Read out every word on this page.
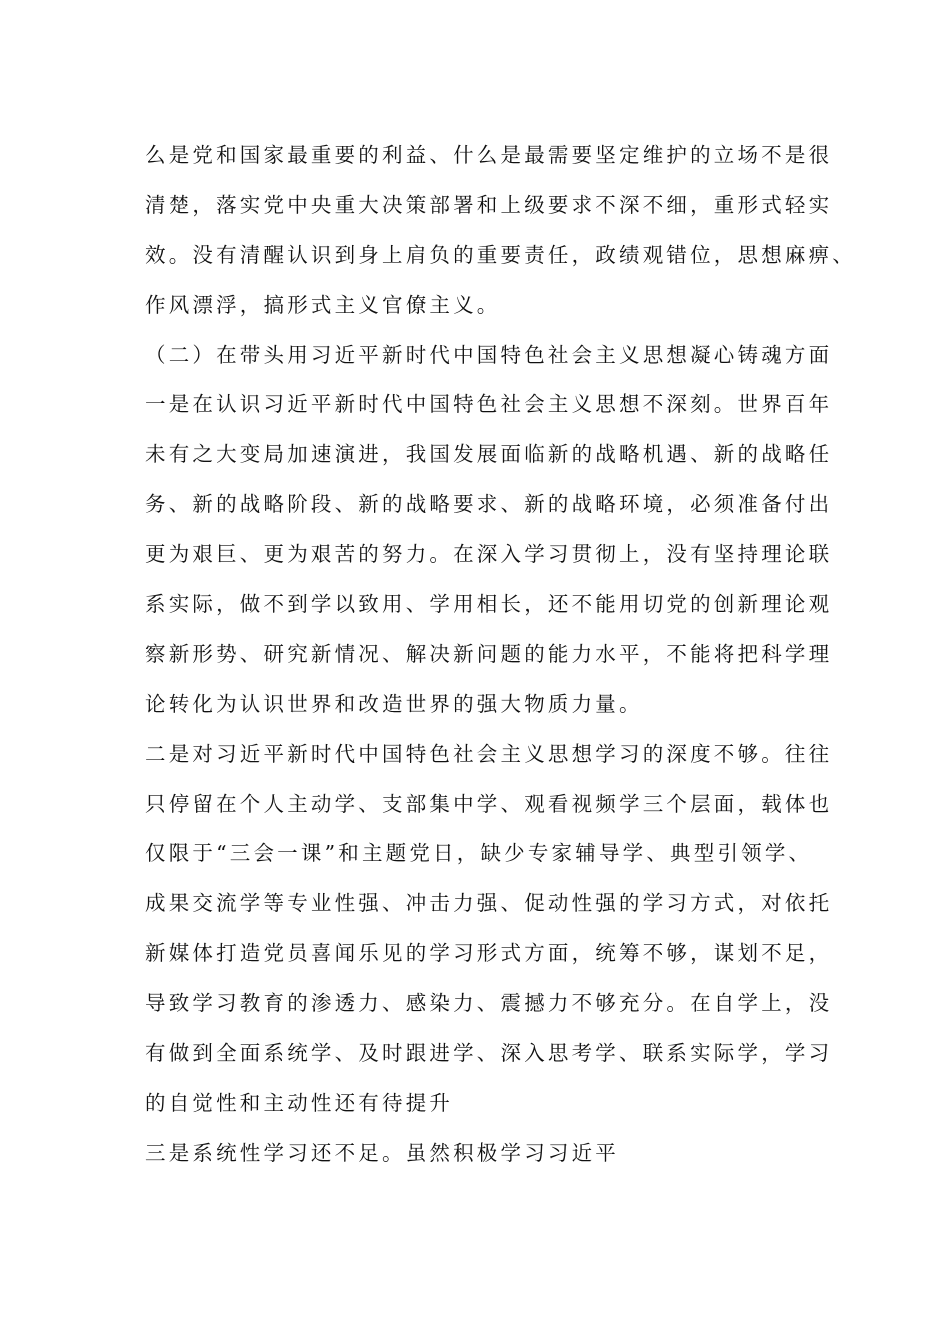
么是党和国家最重要的利益、什么是最需要坚定维护的立场不是很
清楚，落实党中央重大决策部署和上级要求不深不细，重形式轻实
效。没有清醒认识到身上肩负的重要责任，政绩观错位，思想麻痹、
作风漂浮，搞形式主义官僚主义。
（二）在带头用习近平新时代中国特色社会主义思想凝心铸魂方面
一是在认识习近平新时代中国特色社会主义思想不深刻。世界百年
未有之大变局加速演进，我国发展面临新的战略机遇、新的战略任
务、新的战略阶段、新的战略要求、新的战略环境，必须准备付出
更为艰巨、更为艰苦的努力。在深入学习贯彻上，没有坚持理论联
系实际，做不到学以致用、学用相长，还不能用切党的创新理论观
察新形势、研究新情况、解决新问题的能力水平，不能将把科学理
论转化为认识世界和改造世界的强大物质力量。
二是对习近平新时代中国特色社会主义思想学习的深度不够。往往
只停留在个人主动学、支部集中学、观看视频学三个层面，载体也
仅限于“三会一课”和主题党日，缺少专家辅导学、典型引领学、
成果交流学等专业性强、冲击力强、促动性强的学习方式，对依托
新媒体打造党员喜闻乐见的学习形式方面，统筹不够，谋划不足，
导致学习教育的渗透力、感染力、震撼力不够充分。在自学上，没
有做到全面系统学、及时跟进学、深入思考学、联系实际学，学习
的自觉性和主动性还有待提升
三是系统性学习还不足。虽然积极学习习近平
